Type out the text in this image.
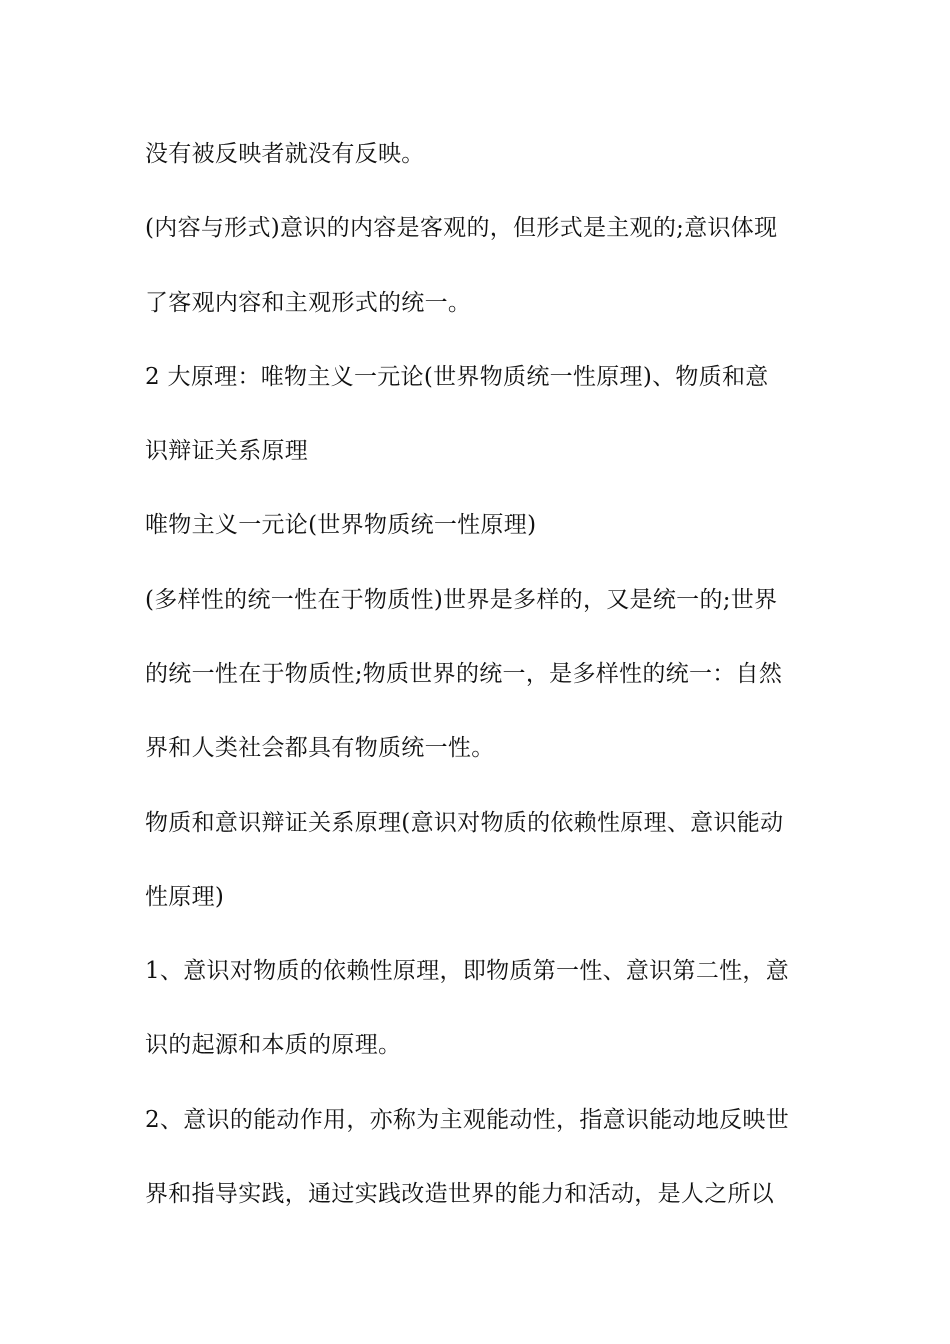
没有被反映者就没有反映。
(内容与形式)意识的内容是客观的，但形式是主观的;意识体现
了客观内容和主观形式的统一。
2 大原理：唯物主义一元论(世界物质统一性原理)、物质和意
识辩证关系原理
唯物主义一元论(世界物质统一性原理)
(多样性的统一性在于物质性)世界是多样的，又是统一的;世界
的统一性在于物质性;物质世界的统一，是多样性的统一：自然
界和人类社会都具有物质统一性。
物质和意识辩证关系原理(意识对物质的依赖性原理、意识能动
性原理)
1、意识对物质的依赖性原理，即物质第一性、意识第二性，意
识的起源和本质的原理。
2、意识的能动作用，亦称为主观能动性，指意识能动地反映世
界和指导实践，通过实践改造世界的能力和活动，是人之所以
